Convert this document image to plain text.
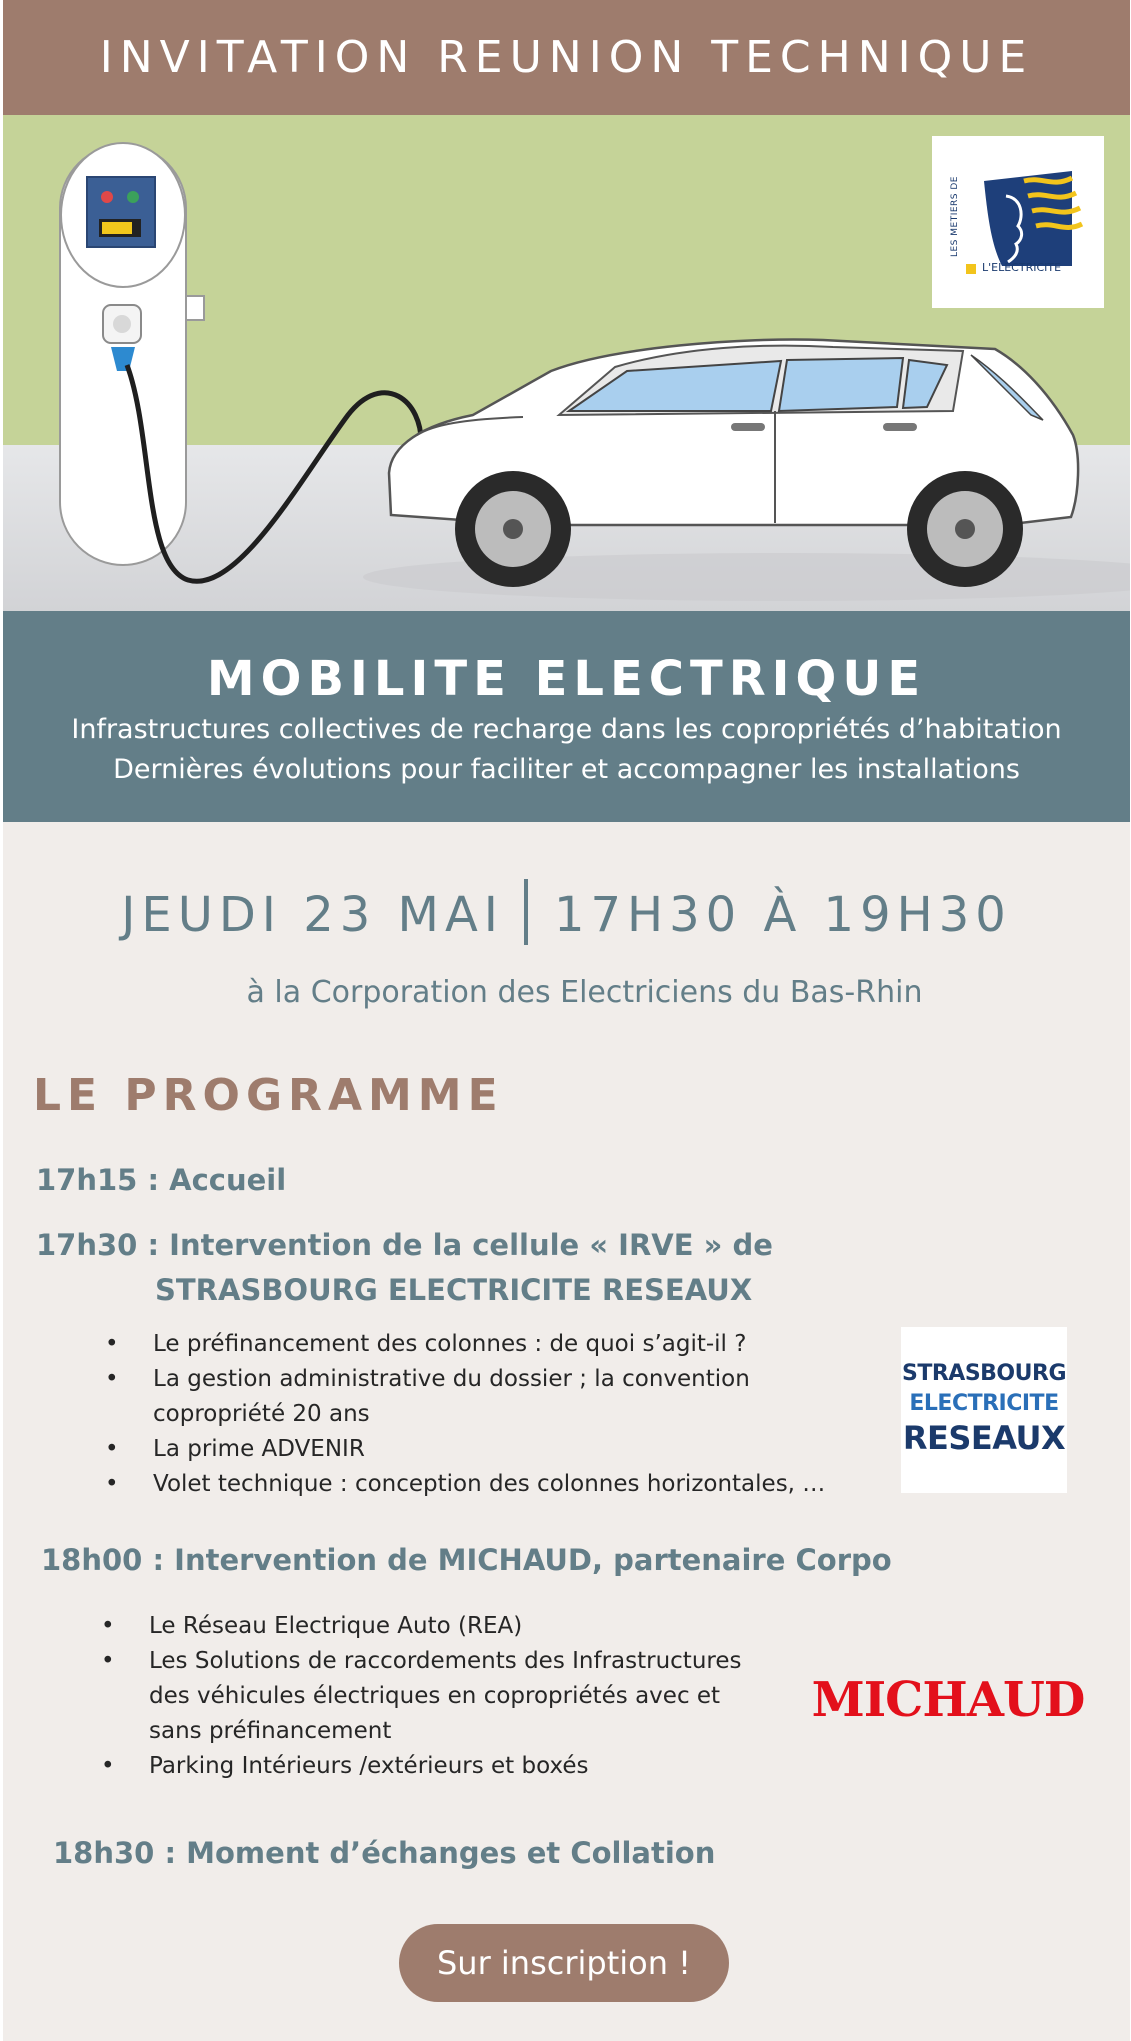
INVITATION REUNION TECHNIQUE
LES METIERS DE
L'ELECTRICITE
MOBILITE ELECTRIQUE
Infrastructures collectives de recharge dans les copropriétés d’habitation
Dernières évolutions pour faciliter et accompagner les installations
JEUDI 23 MAI 17H30 À 19H30
à la Corporation des Electriciens du Bas-Rhin
LE PROGRAMME
17h15 : Accueil
17h30 : Intervention de la cellule « IRVE » de
STRASBOURG ELECTRICITE RESEAUX
• Le préfinancement des colonnes : de quoi s’agit-il ?
• La gestion administrative du dossier ; la convention
copropriété 20 ans
• La prime ADVENIR
• Volet technique : conception des colonnes horizontales, …
STRASBOURG
ELECTRICITE
RESEAUX
18h00 : Intervention de MICHAUD, partenaire Corpo
• Le Réseau Electrique Auto (REA)
• Les Solutions de raccordements des Infrastructures
des véhicules électriques en copropriétés avec et
sans préfinancement
• Parking Intérieurs /extérieurs et boxés
MICHAUD
18h30 : Moment d’échanges et Collation
Sur inscription !
